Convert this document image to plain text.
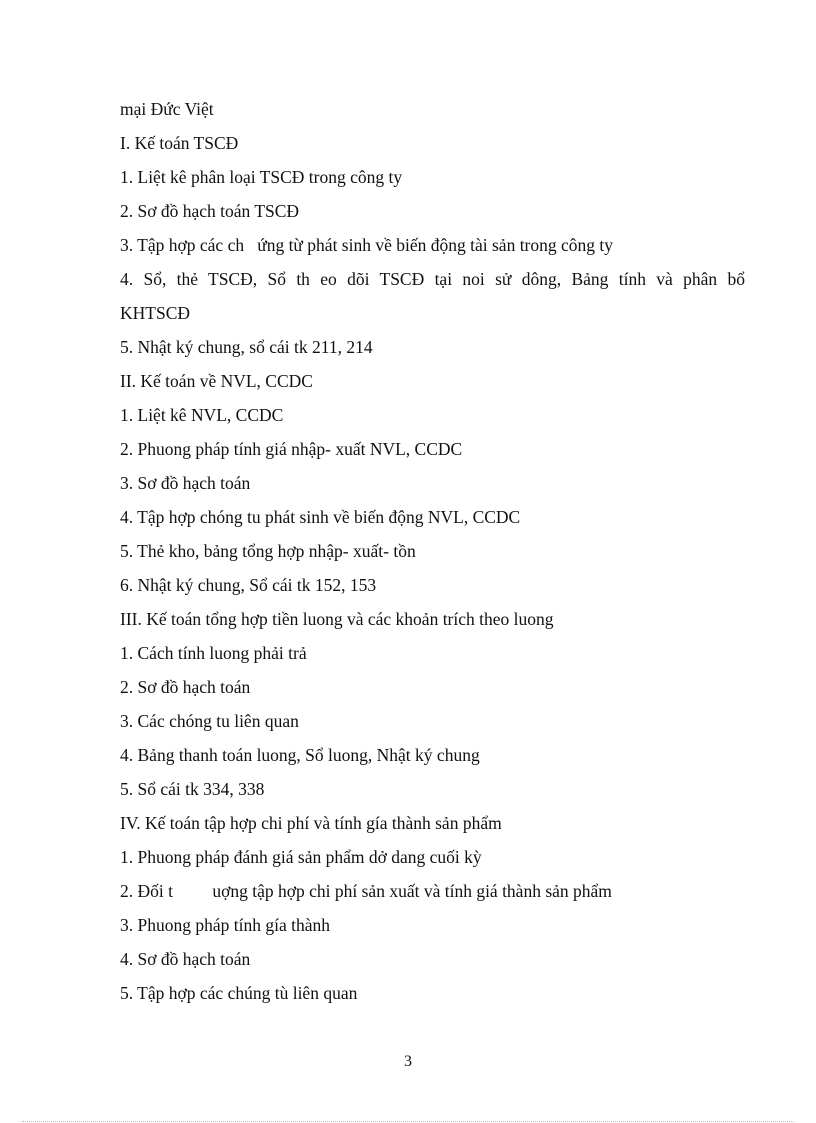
mại Đức Việt
I. Kế toán TSCĐ
1. Liệt kê phân loại TSCĐ trong công ty
2. Sơ đồ hạch toán TSCĐ
3. Tập hợp các ch   ứng từ phát sinh về biến động tài sản trong công ty
4. Sổ, thẻ TSCĐ, Sổ th eo dõi TSCĐ tại noi sử dông, Bảng tính và phân bổ
KHTSCĐ
5. Nhật ký chung, sổ cái tk 211, 214
II. Kế toán về NVL, CCDC
1. Liệt kê NVL, CCDC
2. Phuong pháp tính giá nhập- xuất NVL, CCDC
3. Sơ đồ hạch toán
4. Tập hợp chóng tu phát sinh về biến động NVL, CCDC
5. Thẻ kho, bảng tổng hợp nhập- xuất- tồn
6. Nhật ký chung, Sổ cái tk 152, 153
III. Kế toán tổng hợp tiền luong và các khoản trích theo luong
1. Cách tính luong phải trả
2. Sơ đồ hạch toán
3. Các chóng tu liên quan
4. Bảng thanh toán luong, Sổ luong, Nhật ký chung
5. Sổ cái tk 334, 338
IV. Kế toán tập hợp chi phí và tính gía thành sản phẩm
1. Phuong pháp đánh giá sản phẩm dở dang cuối kỳ
2. Đối t         uợng tập hợp chi phí sản xuất và tính giá thành sản phẩm
3. Phuong pháp tính gía thành
4. Sơ đồ hạch toán
5. Tập hợp các chúng tù liên quan
3
